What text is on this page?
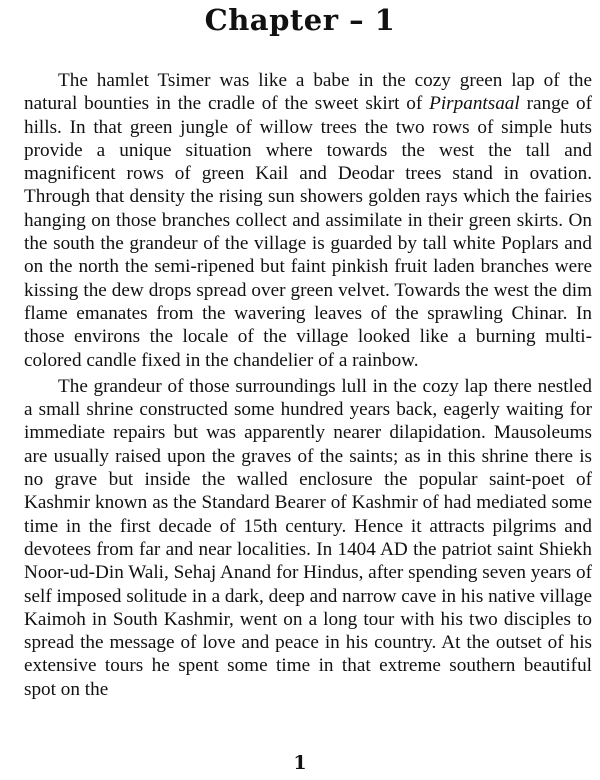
Chapter – 1

The hamlet Tsimer was like a babe in the cozy green lap of the natural bounties in the cradle of the sweet skirt of Pirpantsaal range of hills. In that green jungle of willow trees the two rows of simple huts provide a unique situation where towards the west the tall and magnificent rows of green Kail and Deodar trees stand in ovation. Through that density the rising sun showers golden rays which the fairies hanging on those branches collect and assimilate in their green skirts. On the south the grandeur of the village is guarded by tall white Poplars and on the north the semi-ripened but faint pinkish fruit laden branches were kissing the dew drops spread over green velvet. Towards the west the dim flame emanates from the wavering leaves of the sprawling Chinar. In those environs the locale of the village looked like a burning multi-colored candle fixed in the chandelier of a rainbow.

The grandeur of those surroundings lull in the cozy lap there nestled a small shrine constructed some hundred years back, eagerly waiting for immediate repairs but was apparently nearer dilapidation. Mausoleums are usually raised upon the graves of the saints; as in this shrine there is no grave but inside the walled enclosure the popular saint-poet of Kashmir known as the Standard Bearer of Kashmir of had mediated some time in the first decade of 15th century. Hence it attracts pilgrims and devotees from far and near localities. In 1404 AD the patriot saint Shiekh Noor-ud-Din Wali, Sehaj Anand for Hindus, after spending seven years of self imposed solitude in a dark, deep and narrow cave in his native village Kaimoh in South Kashmir, went on a long tour with his two disciples to spread the message of love and peace in his country. At the outset of his extensive tours he spent some time in that extreme southern beautiful spot on the

1
